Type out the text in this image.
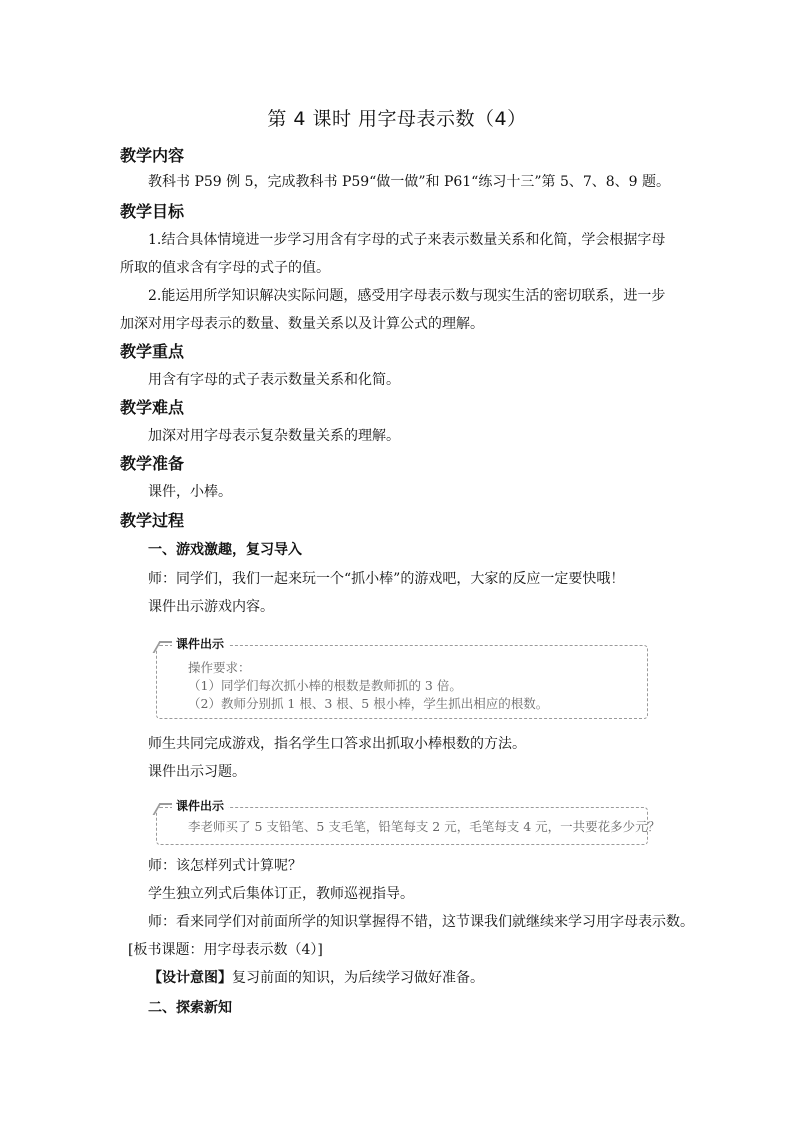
第 4 课时 用字母表示数（4）
教学内容
教科书 P59 例 5，完成教科书 P59“做一做”和 P61“练习十三”第 5、7、8、9 题。
教学目标
1.结合具体情境进一步学习用含有字母的式子来表示数量关系和化简，学会根据字母所取的值求含有字母的式子的值。
2.能运用所学知识解决实际问题，感受用字母表示数与现实生活的密切联系，进一步加深对用字母表示的数量、数量关系以及计算公式的理解。
教学重点
用含有字母的式子表示数量关系和化简。
教学难点
加深对用字母表示复杂数量关系的理解。
教学准备
课件，小棒。
教学过程
一、游戏激趣，复习导入
师：同学们，我们一起来玩一个“抓小棒”的游戏吧，大家的反应一定要快哦！
课件出示游戏内容。
课件出示
操作要求：
（1）同学们每次抓小棒的根数是教师抓的 3 倍。
（2）教师分别抓 1 根、3 根、5 根小棒，学生抓出相应的根数。
师生共同完成游戏，指名学生口答求出抓取小棒根数的方法。
课件出示习题。
课件出示
李老师买了 5 支铅笔、5 支毛笔，铅笔每支 2 元，毛笔每支 4 元，一共要花多少元？
师：该怎样列式计算呢？
学生独立列式后集体订正，教师巡视指导。
师：看来同学们对前面所学的知识掌握得不错，这节课我们就继续来学习用字母表示数。
[板书课题：用字母表示数（4）]
【设计意图】复习前面的知识，为后续学习做好准备。
二、探索新知
